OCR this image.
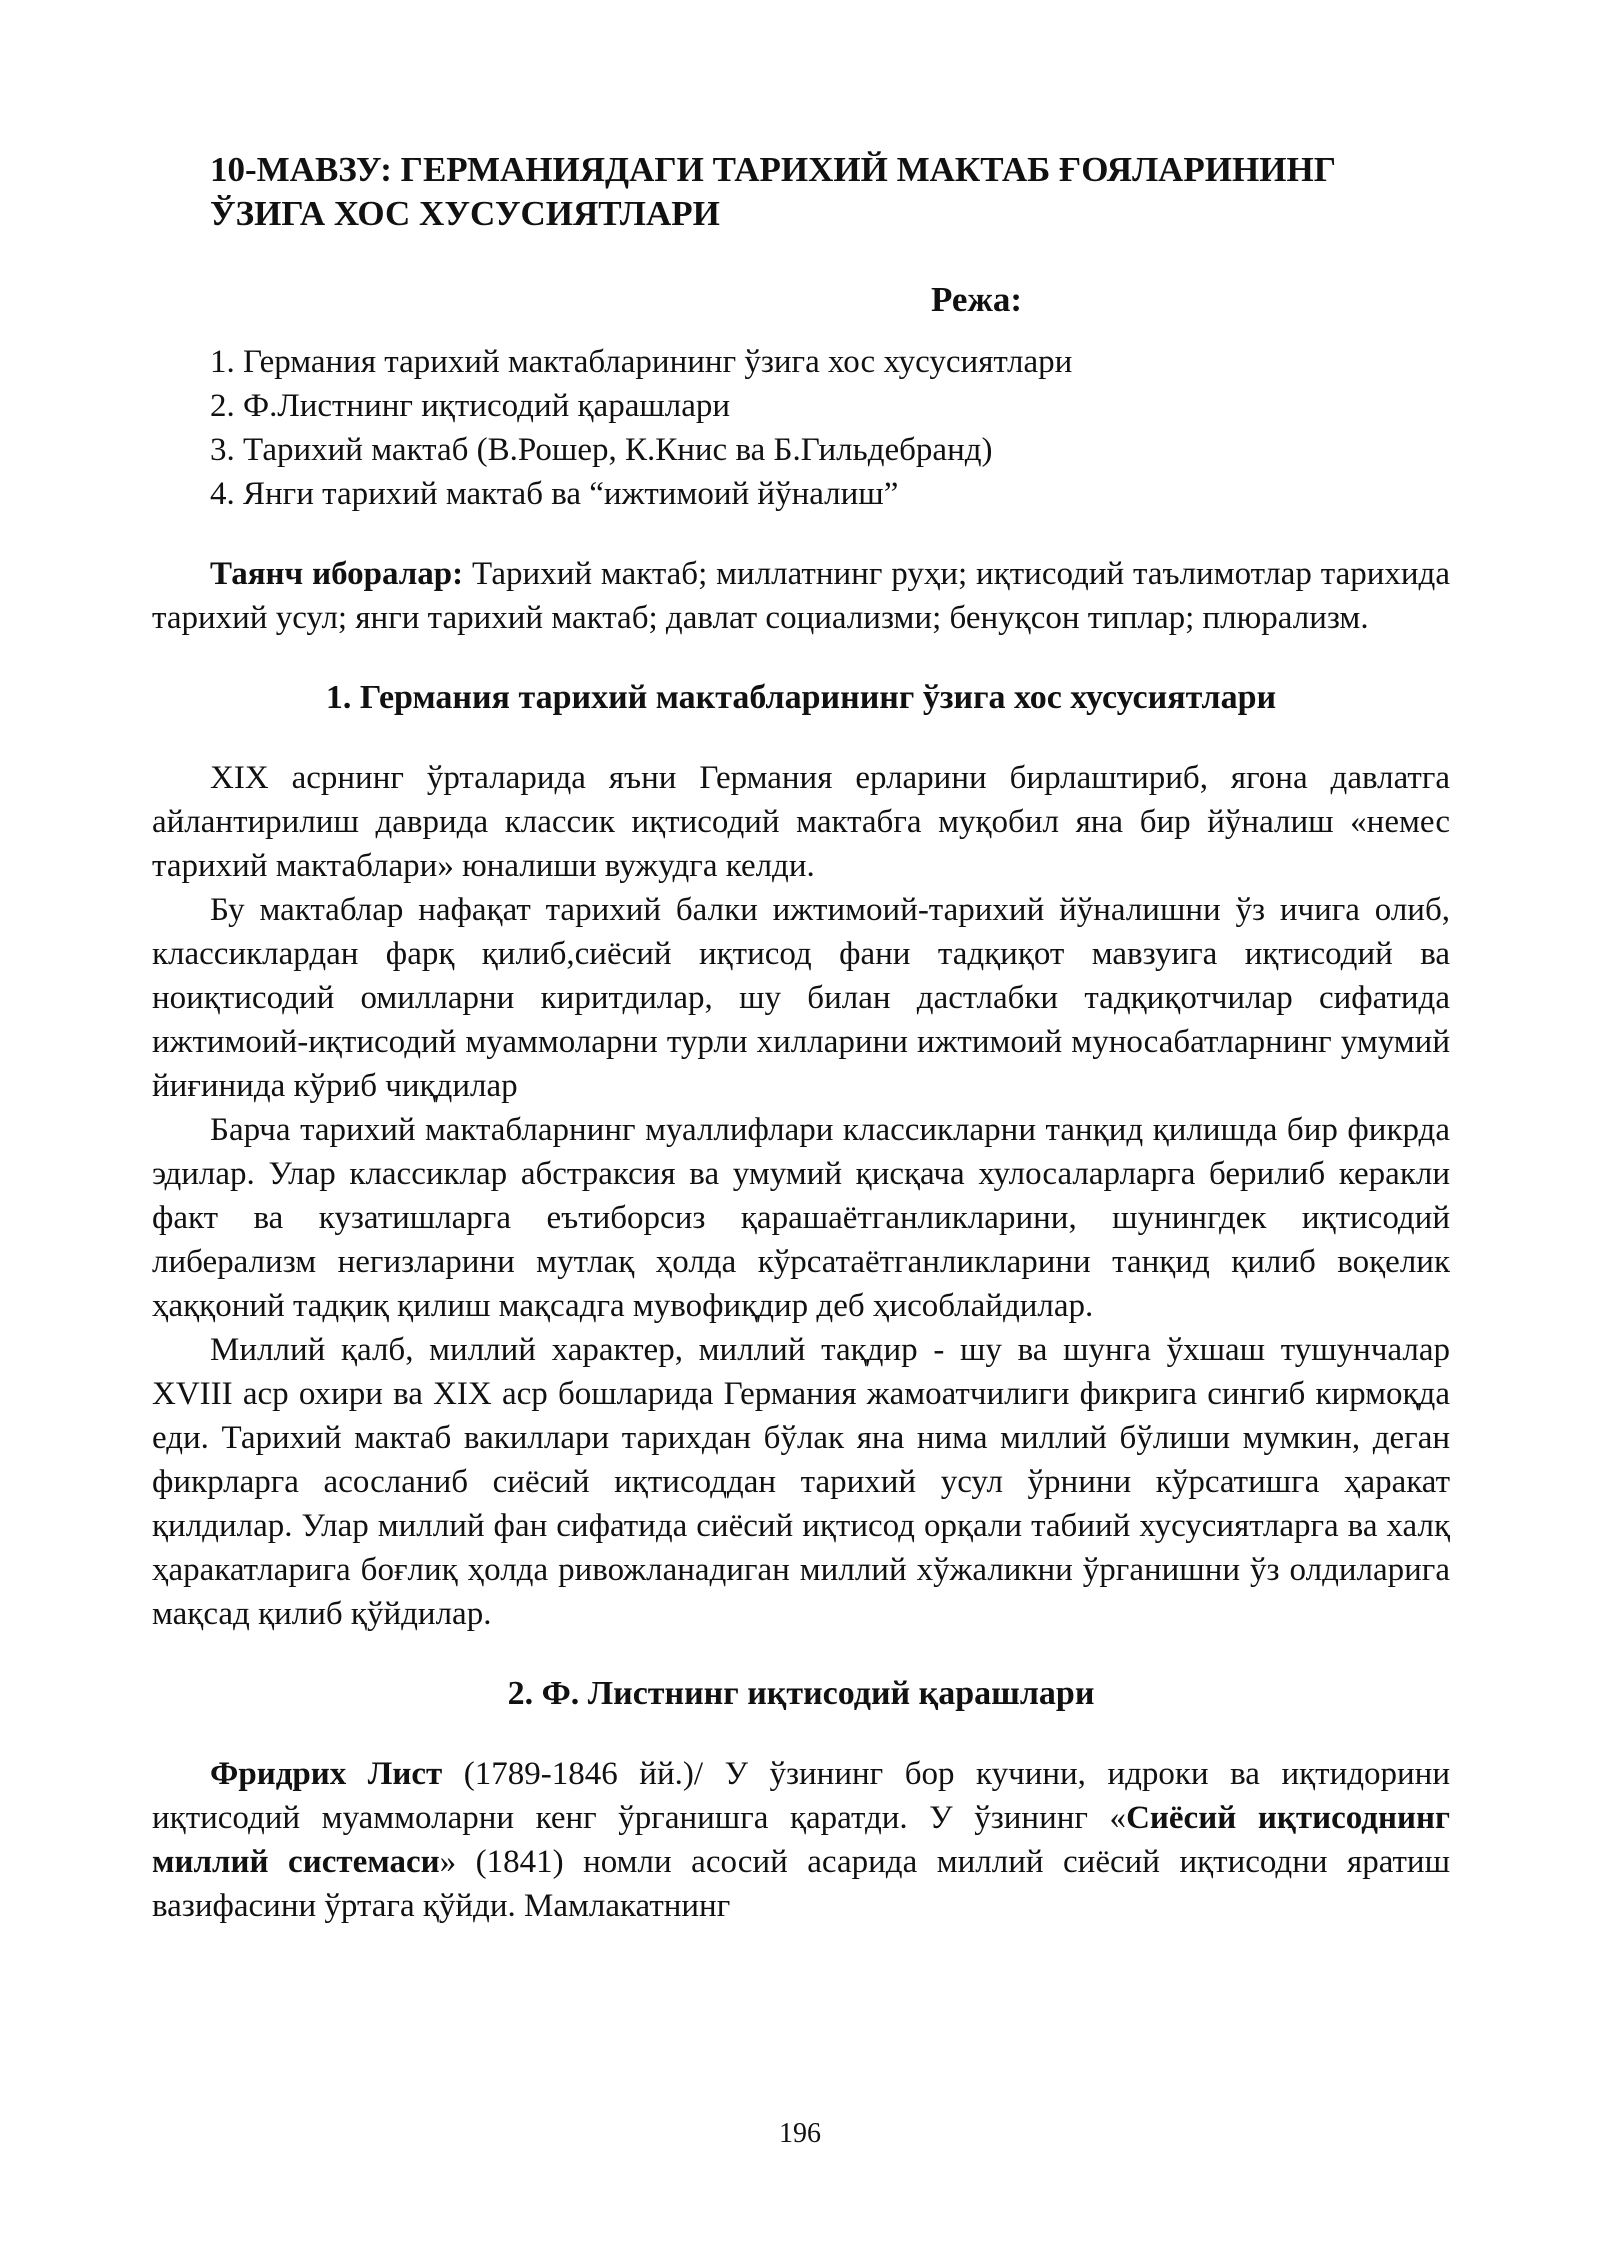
10-МАВЗУ: ГЕРМАНИЯДАГИ ТАРИХИЙ МАКТАБ ҒОЯЛАРИНИНГ
ЎЗИГА ХОС ХУСУСИЯТЛАРИ
Режа:
1. Германия тарихий мактабларининг ўзига хос хусусиятлари
2. Ф.Листнинг иқтисодий қарашлари
3. Тарихий мактаб (В.Рошер, К.Книс ва Б.Гильдебранд)
4. Янги тарихий мактаб ва “ижтимоий йўналиш”

Таянч иборалар: Тарихий мактаб; миллатнинг руҳи; иқтисодий таълимотлар тарихида тарихий усул; янги тарихий мактаб; давлат социализми; бенуқсон типлар; плюрализм.

1. Германия тарихий мактабларининг ўзига хос хусусиятлари

XIX асрнинг ўрталарида яъни Германия ерларини бирлаштириб, ягона давлатга айлантирилиш даврида классик иқтисодий мактабга муқобил яна бир йўналиш «немес тарихий мактаблари» юналиши вужудга келди.

Бу мактаблар нафақат тарихий балки ижтимоий-тарихий йўналишни ўз ичига олиб, классиклардан фарқ қилиб,сиёсий иқтисод фани тадқиқот мавзуига иқтисодий ва ноиқтисодий омилларни киритдилар, шу билан дастлабки тадқиқотчилар сифатида ижтимоий-иқтисодий муаммоларни турли хилларини ижтимоий муносабатларнинг умумий йиғинида кўриб чиқдилар

Барча тарихий мактабларнинг муаллифлари классикларни танқид қилишда бир фикрда эдилар. Улар классиклар абстраксия ва умумий қисқача хулосаларларга берилиб керакли факт ва кузатишларга еътиборсиз қарашаётганликларини, шунингдек иқтисодий либерализм негизларини мутлақ ҳолда кўрсатаётганликларини танқид қилиб воқелик ҳаққоний тадқиқ қилиш мақсадга мувофиқдир деб ҳисоблайдилар.

Миллий қалб, миллий характер, миллий тақдир - шу ва шунга ўхшаш тушунчалар XVIII аср охири ва XIX аср бошларида Германия жамоатчилиги фикрига сингиб кирмоқда еди. Тарихий мактаб вакиллари тарихдан бўлак яна нима миллий бўлиши мумкин, деган фикрларга асосланиб сиёсий иқтисоддан тарихий усул ўрнини кўрсатишга ҳаракат қилдилар. Улар миллий фан сифатида сиёсий иқтисод орқали табиий хусусиятларга ва халқ ҳаракатларига боғлиқ ҳолда ривожланадиган миллий хўжаликни ўрганишни ўз олдиларига мақсад қилиб қўйдилар.

2. Ф. Листнинг иқтисодий қарашлари

Фридрих Лист (1789-1846 йй.)/ У ўзининг бор кучини, идроки ва иқтидорини иқтисодий муаммоларни кенг ўрганишга қаратди. У ўзининг «Сиёсий иқтисоднинг миллий системаси» (1841) номли асосий асарида миллий сиёсий иқтисодни яратиш вазифасини ўртага қўйди. Мамлакатнинг

196
